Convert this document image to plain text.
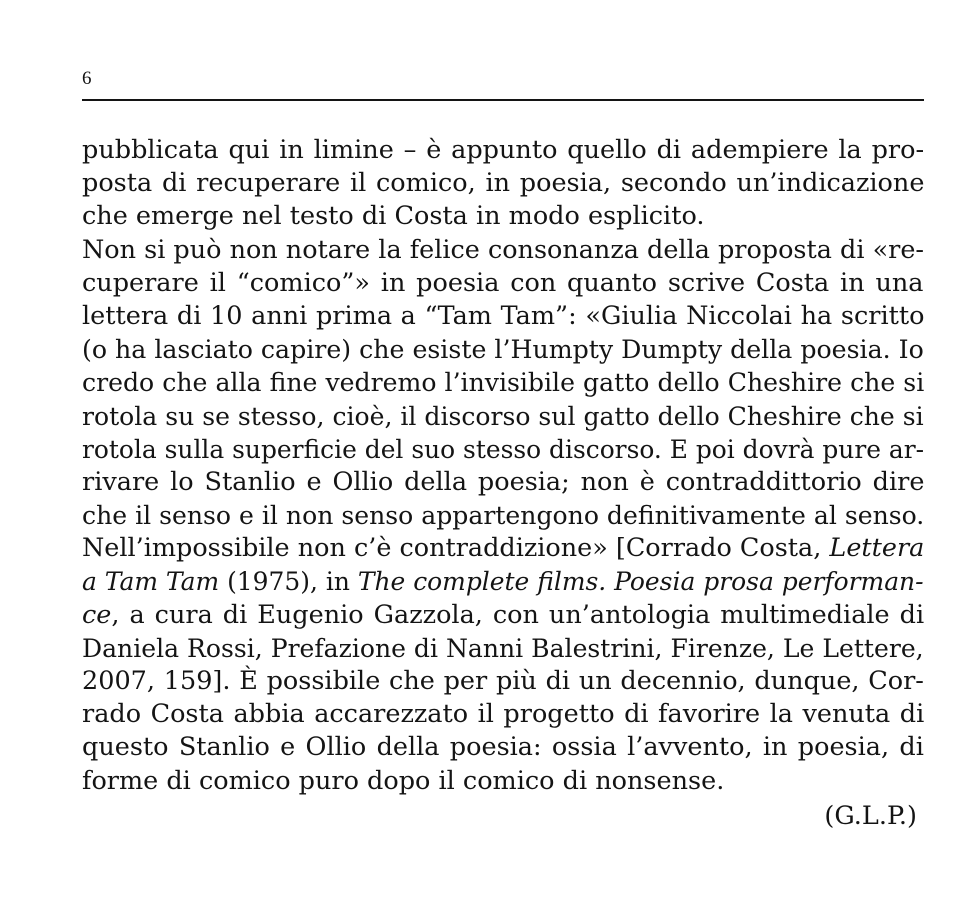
6
pubblicata qui in limine – è appunto quello di adempiere la pro-
posta di recuperare il comico, in poesia, secondo un’indicazione
che emerge nel testo di Costa in modo esplicito.
Non si può non notare la felice consonanza della proposta di «re-
cuperare il “comico”» in poesia con quanto scrive Costa in una
lettera di 10 anni prima a “Tam Tam”: «Giulia Niccolai ha scritto
(o ha lasciato capire) che esiste l’Humpty Dumpty della poesia. Io
credo che alla fine vedremo l’invisibile gatto dello Cheshire che si
rotola su se stesso, cioè, il discorso sul gatto dello Cheshire che si
rotola sulla superficie del suo stesso discorso. E poi dovrà pure ar-
rivare lo Stanlio e Ollio della poesia; non è contraddittorio dire
che il senso e il non senso appartengono definitivamente al senso.
Nell’impossibile non c’è contraddizione» [Corrado Costa, Lettera
a Tam Tam (1975), in The complete films. Poesia prosa performan-
ce, a cura di Eugenio Gazzola, con un’antologia multimediale di
Daniela Rossi, Prefazione di Nanni Balestrini, Firenze, Le Lettere,
2007, 159]. È possibile che per più di un decennio, dunque, Cor-
rado Costa abbia accarezzato il progetto di favorire la venuta di
questo Stanlio e Ollio della poesia: ossia l’avvento, in poesia, di
forme di comico puro dopo il comico di nonsense.
(G.L.P.)
